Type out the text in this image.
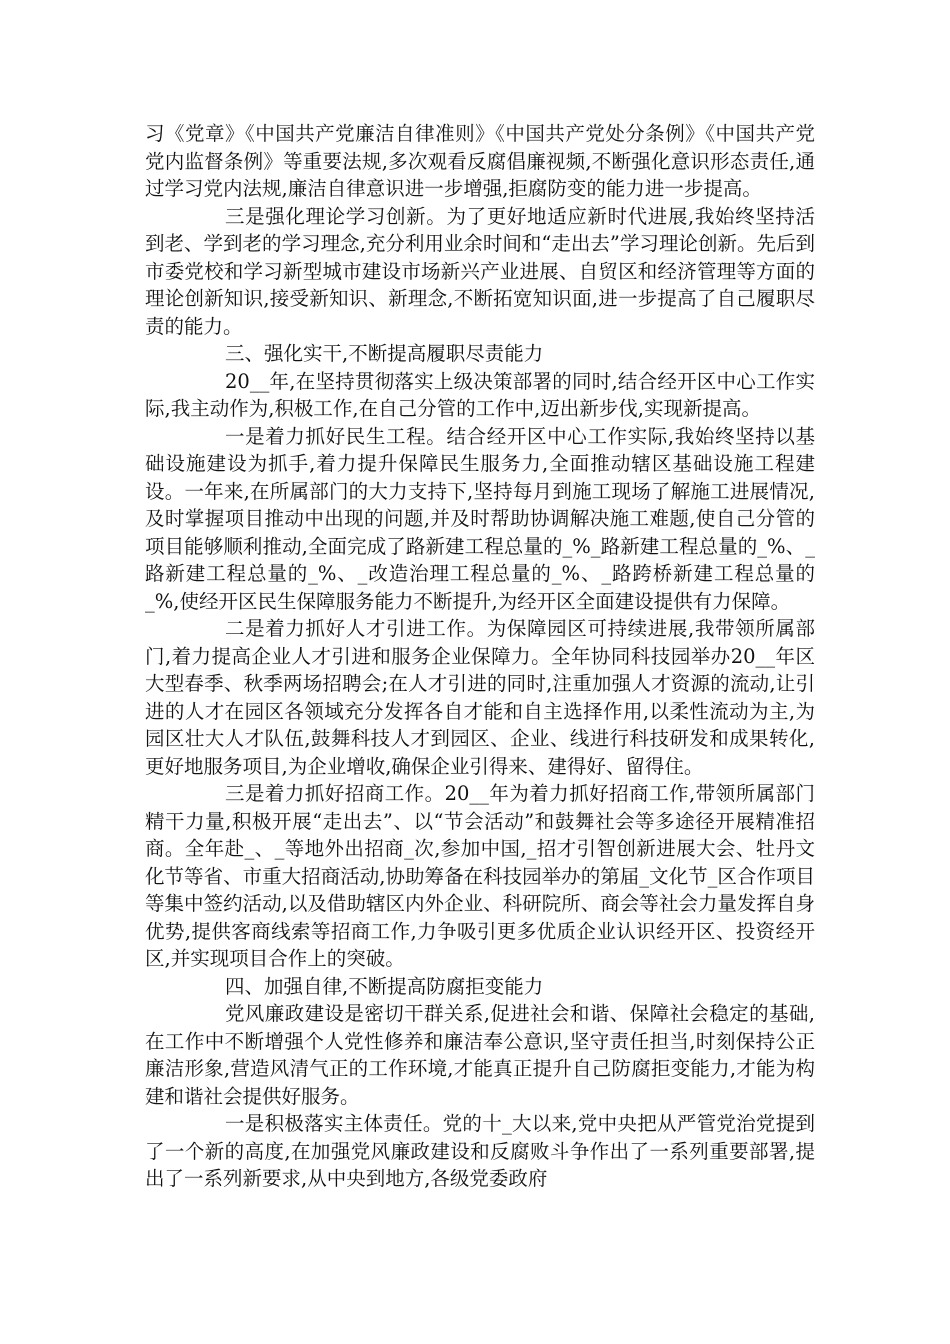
习《党章》《中国共产党廉洁自律准则》《中国共产党处分条例》《中国共产党党内监督条例》等重要法规,多次观看反腐倡廉视频,不断强化意识形态责任,通过学习党内法规,廉洁自律意识进一步增强,拒腐防变的能力进一步提高。

三是强化理论学习创新。为了更好地适应新时代进展,我始终坚持活到老、学到老的学习理念,充分利用业余时间和“走出去”学习理论创新。先后到市委党校和学习新型城市建设市场新兴产业进展、自贸区和经济管理等方面的理论创新知识,接受新知识、新理念,不断拓宽知识面,进一步提高了自己履职尽责的能力。

三、强化实干,不断提高履职尽责能力

20__年,在坚持贯彻落实上级决策部署的同时,结合经开区中心工作实际,我主动作为,积极工作,在自己分管的工作中,迈出新步伐,实现新提高。

一是着力抓好民生工程。结合经开区中心工作实际,我始终坚持以基础设施建设为抓手,着力提升保障民生服务力,全面推动辖区基础设施工程建设。一年来,在所属部门的大力支持下,坚持每月到施工现场了解施工进展情况,及时掌握项目推动中出现的问题,并及时帮助协调解决施工难题,使自己分管的项目能够顺利推动,全面完成了路新建工程总量的_%_路新建工程总量的_%、_路新建工程总量的_%、_改造治理工程总量的_%、_路跨桥新建工程总量的_%,使经开区民生保障服务能力不断提升,为经开区全面建设提供有力保障。

二是着力抓好人才引进工作。为保障园区可持续进展,我带领所属部门,着力提高企业人才引进和服务企业保障力。全年协同科技园举办20__年区大型春季、秋季两场招聘会;在人才引进的同时,注重加强人才资源的流动,让引进的人才在园区各领域充分发挥各自才能和自主选择作用,以柔性流动为主,为园区壮大人才队伍,鼓舞科技人才到园区、企业、线进行科技研发和成果转化,更好地服务项目,为企业增收,确保企业引得来、建得好、留得住。

三是着力抓好招商工作。20__年为着力抓好招商工作,带领所属部门精干力量,积极开展“走出去”、以“节会活动”和鼓舞社会等多途径开展精准招商。全年赴_、_等地外出招商_次,参加中国,_招才引智创新进展大会、牡丹文化节等省、市重大招商活动,协助筹备在科技园举办的第届_文化节_区合作项目等集中签约活动,以及借助辖区内外企业、科研院所、商会等社会力量发挥自身优势,提供客商线索等招商工作,力争吸引更多优质企业认识经开区、投资经开区,并实现项目合作上的突破。

四、加强自律,不断提高防腐拒变能力

党风廉政建设是密切干群关系,促进社会和谐、保障社会稳定的基础,在工作中不断增强个人党性修养和廉洁奉公意识,坚守责任担当,时刻保持公正廉洁形象,营造风清气正的工作环境,才能真正提升自己防腐拒变能力,才能为构建和谐社会提供好服务。

一是积极落实主体责任。党的十_大以来,党中央把从严管党治党提到了一个新的高度,在加强党风廉政建设和反腐败斗争作出了一系列重要部署,提出了一系列新要求,从中央到地方,各级党委政府
